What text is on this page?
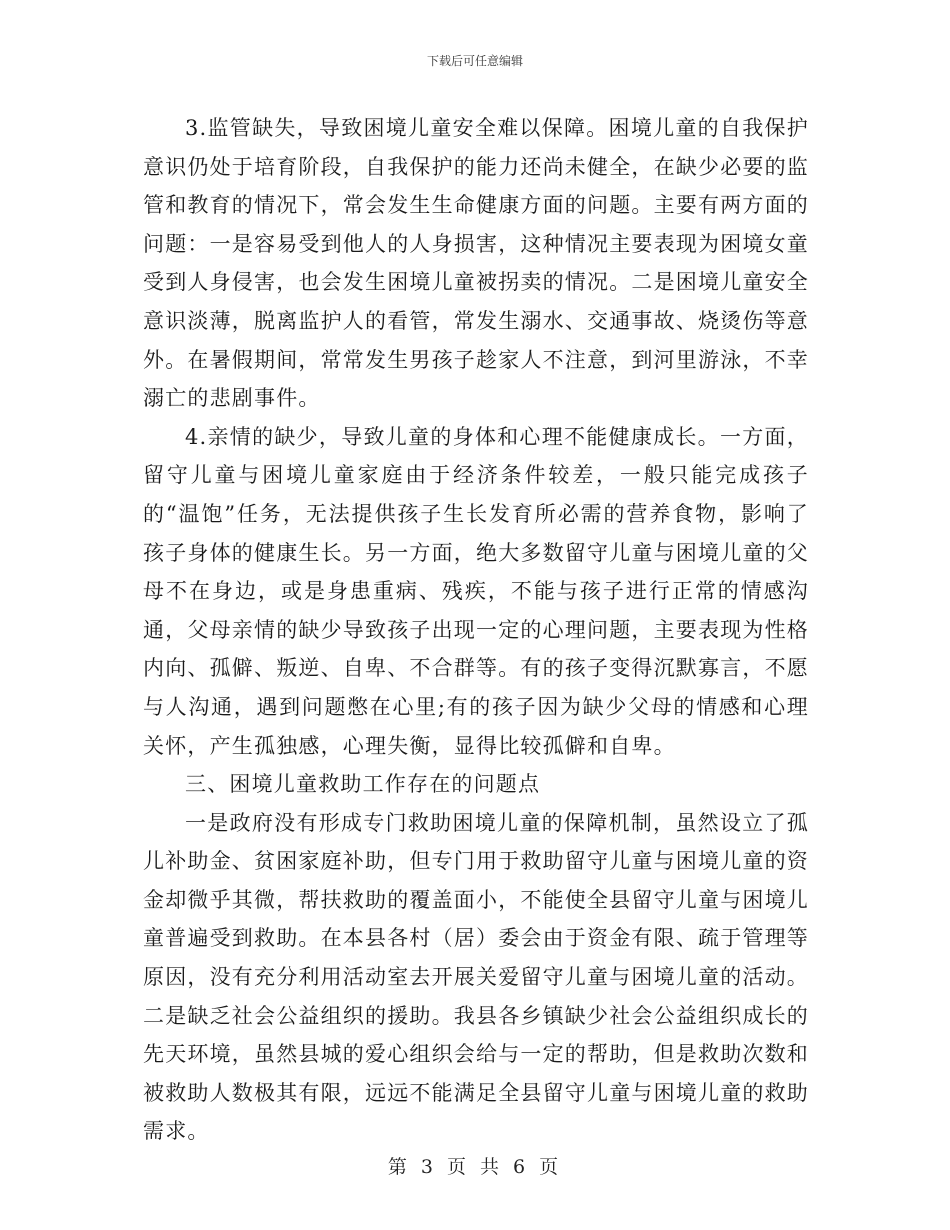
下载后可任意编辑

3.监管缺失，导致困境儿童安全难以保障。困境儿童的自我保护意识仍处于培育阶段，自我保护的能力还尚未健全，在缺少必要的监管和教育的情况下，常会发生生命健康方面的问题。主要有两方面的问题：一是容易受到他人的人身损害，这种情况主要表现为困境女童受到人身侵害，也会发生困境儿童被拐卖的情况。二是困境儿童安全意识淡薄，脱离监护人的看管，常发生溺水、交通事故、烧烫伤等意外。在暑假期间，常常发生男孩子趁家人不注意，到河里游泳，不幸溺亡的悲剧事件。

4.亲情的缺少，导致儿童的身体和心理不能健康成长。一方面，留守儿童与困境儿童家庭由于经济条件较差，一般只能完成孩子的“温饱”任务，无法提供孩子生长发育所必需的营养食物，影响了孩子身体的健康生长。另一方面，绝大多数留守儿童与困境儿童的父母不在身边，或是身患重病、残疾，不能与孩子进行正常的情感沟通，父母亲情的缺少导致孩子出现一定的心理问题，主要表现为性格内向、孤僻、叛逆、自卑、不合群等。有的孩子变得沉默寡言，不愿与人沟通，遇到问题憋在心里;有的孩子因为缺少父母的情感和心理关怀，产生孤独感，心理失衡，显得比较孤僻和自卑。

三、困境儿童救助工作存在的问题点

一是政府没有形成专门救助困境儿童的保障机制，虽然设立了孤儿补助金、贫困家庭补助，但专门用于救助留守儿童与困境儿童的资金却微乎其微，帮扶救助的覆盖面小，不能使全县留守儿童与困境儿童普遍受到救助。在本县各村（居）委会由于资金有限、疏于管理等原因，没有充分利用活动室去开展关爱留守儿童与困境儿童的活动。二是缺乏社会公益组织的援助。我县各乡镇缺少社会公益组织成长的先天环境，虽然县城的爱心组织会给与一定的帮助，但是救助次数和被救助人数极其有限，远远不能满足全县留守儿童与困境儿童的救助需求。

第 3 页 共 6 页
